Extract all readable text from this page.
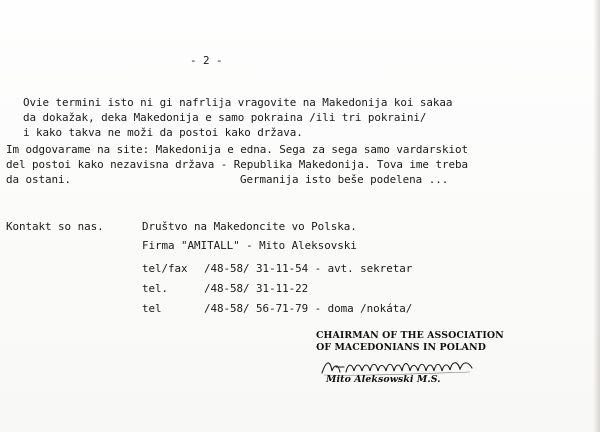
- 2 -
Ovie termini isto ni gi nafrlija vragovite na Makedonija koi sakaa
da dokažak, deka Makedonija e samo pokraina /ili tri pokraini/
i kako takva ne moži da postoi kako država.
Im odgovarame na site: Makedonija e edna. Sega za sega samo vardarskiot
del postoi kako nezavisna država - Republika Makedonija. Tova ime treba
da ostani.	Germanija isto beše podelena ...
Kontakt so nas.	Društvo na Makedoncite vo Polska.
Firma "AMITALL" - Mito Aleksovski
tel/fax /48-58/ 31-11-54 - avt. sekretar
tel.	/48-58/ 31-11-22
tel	/48-58/ 56-71-79 - doma /nokáta/
CHAIRMAN OF THE ASSOCIATION
OF MACEDONIANS IN POLAND
Mito Aleksowski M.S.
